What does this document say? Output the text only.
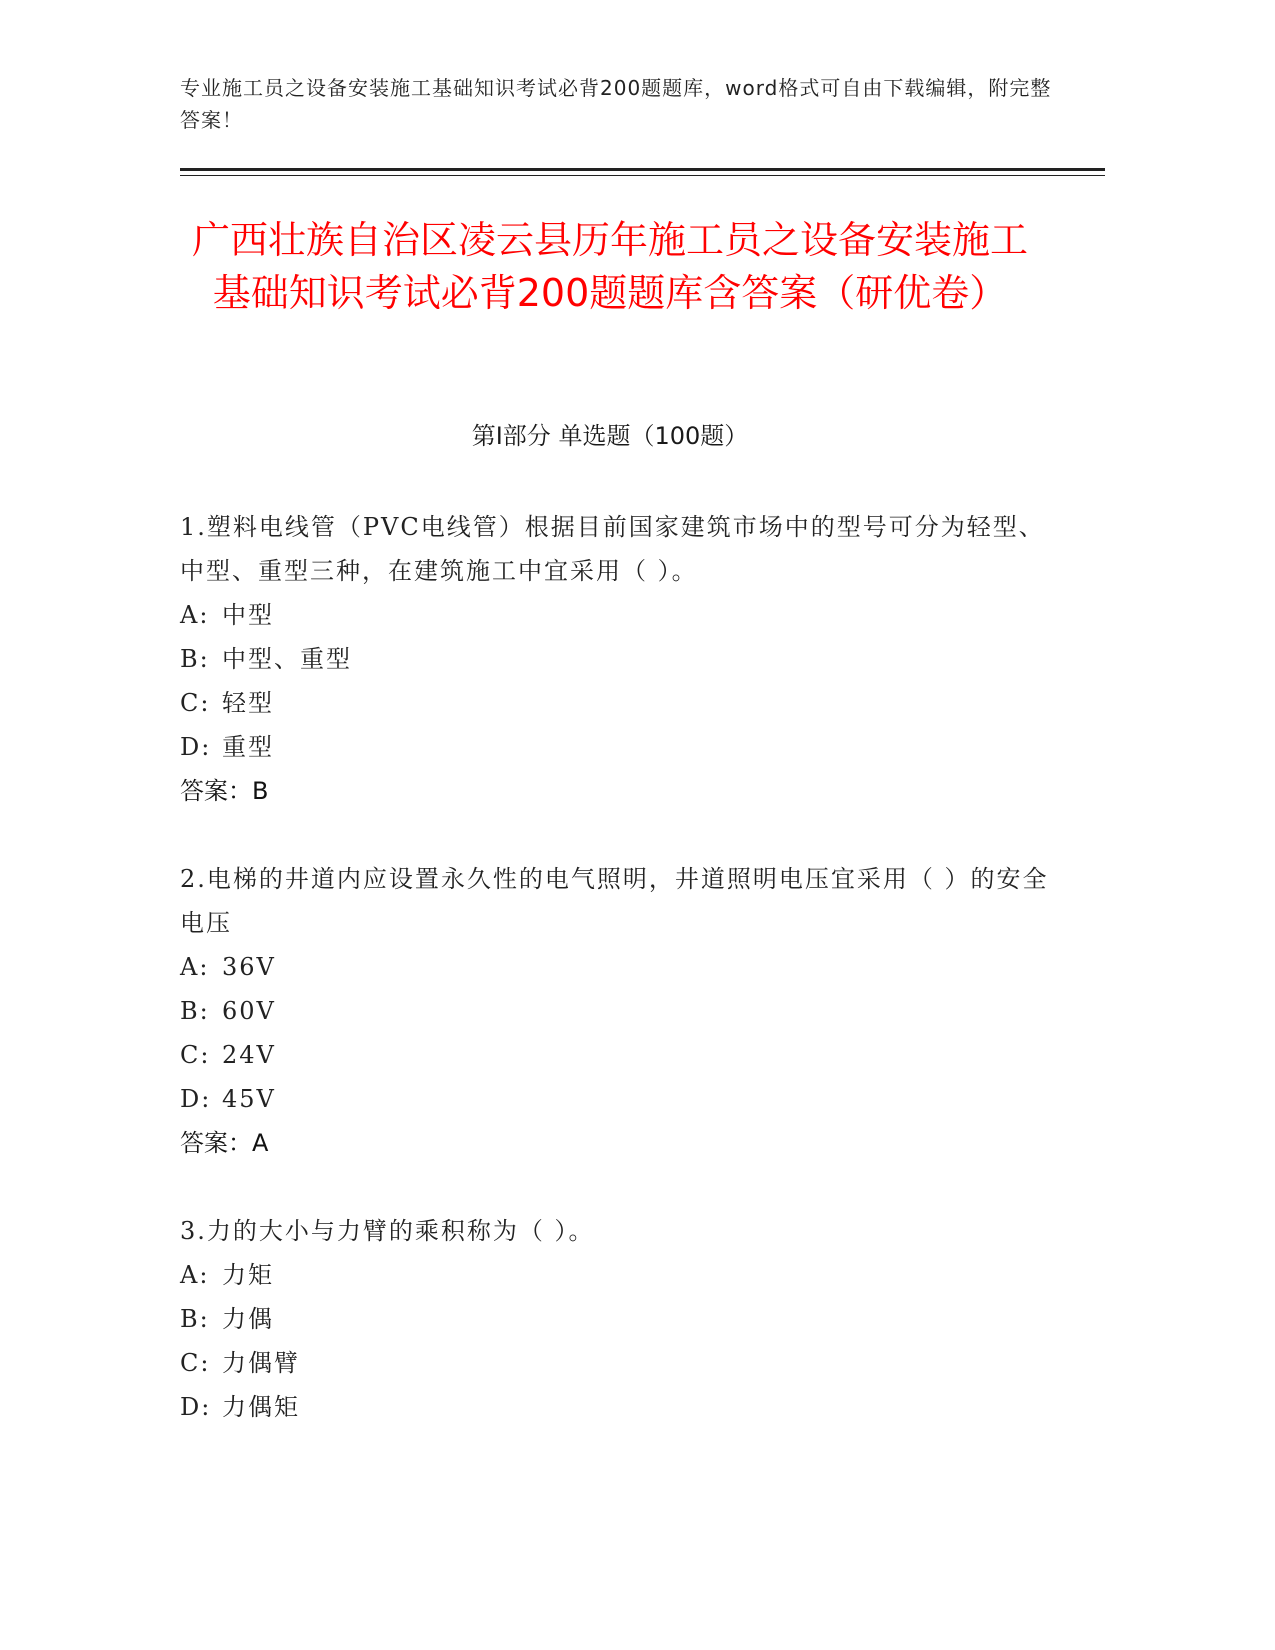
专业施工员之设备安装施工基础知识考试必背200题题库，word格式可自由下载编辑，附完整答案！
广西壮族自治区凌云县历年施工员之设备安装施工基础知识考试必背200题题库含答案（研优卷）
第I部分 单选题（100题）

1.塑料电线管（PVC电线管）根据目前国家建筑市场中的型号可分为轻型、中型、重型三种，在建筑施工中宜采用（ ）。

A: 中型

B: 中型、重型

C: 轻型

D: 重型

答案：B

2.电梯的井道内应设置永久性的电气照明，井道照明电压宜采用（ ）的安全电压

A: 36V

B: 60V

C: 24V

D: 45V

答案：A

3.力的大小与力臂的乘积称为（ ）。

A: 力矩

B: 力偶

C: 力偶臂

D: 力偶矩
